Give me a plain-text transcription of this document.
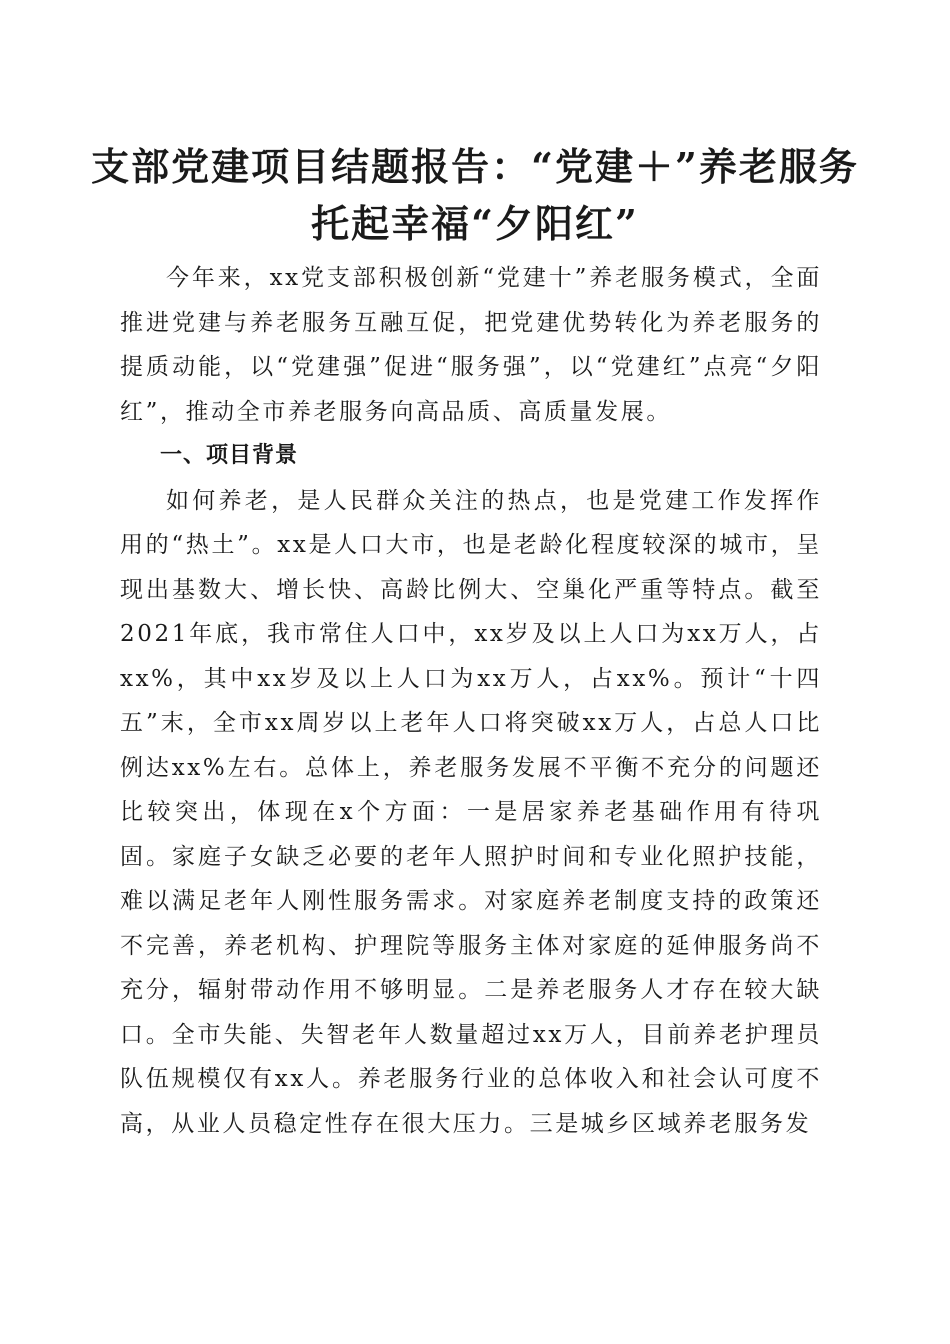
支部党建项目结题报告：“党建＋”养老服务
托起幸福“夕阳红”

今年来，xx党支部积极创新“党建十”养老服务模式，全面推进党建与养老服务互融互促，把党建优势转化为养老服务的提质动能，以“党建强”促进“服务强”，以“党建红”点亮“夕阳红”，推动全市养老服务向高品质、高质量发展。

一、项目背景

如何养老，是人民群众关注的热点，也是党建工作发挥作用的“热土”。xx是人口大市，也是老龄化程度较深的城市，呈现出基数大、增长快、高龄比例大、空巢化严重等特点。截至2021年底，我市常住人口中，xx岁及以上人口为xx万人，占xx%，其中xx岁及以上人口为xx万人，占xx%。预计“十四五”末，全市xx周岁以上老年人口将突破xx万人，占总人口比例达xx%左右。总体上，养老服务发展不平衡不充分的问题还比较突出，体现在x个方面：一是居家养老基础作用有待巩固。家庭子女缺乏必要的老年人照护时间和专业化照护技能，难以满足老年人刚性服务需求。对家庭养老制度支持的政策还不完善，养老机构、护理院等服务主体对家庭的延伸服务尚不充分，辐射带动作用不够明显。二是养老服务人才存在较大缺口。全市失能、失智老年人数量超过xx万人，目前养老护理员队伍规模仅有xx人。养老服务行业的总体收入和社会认可度不高，从业人员稳定性存在很大压力。三是城乡区域养老服务发
